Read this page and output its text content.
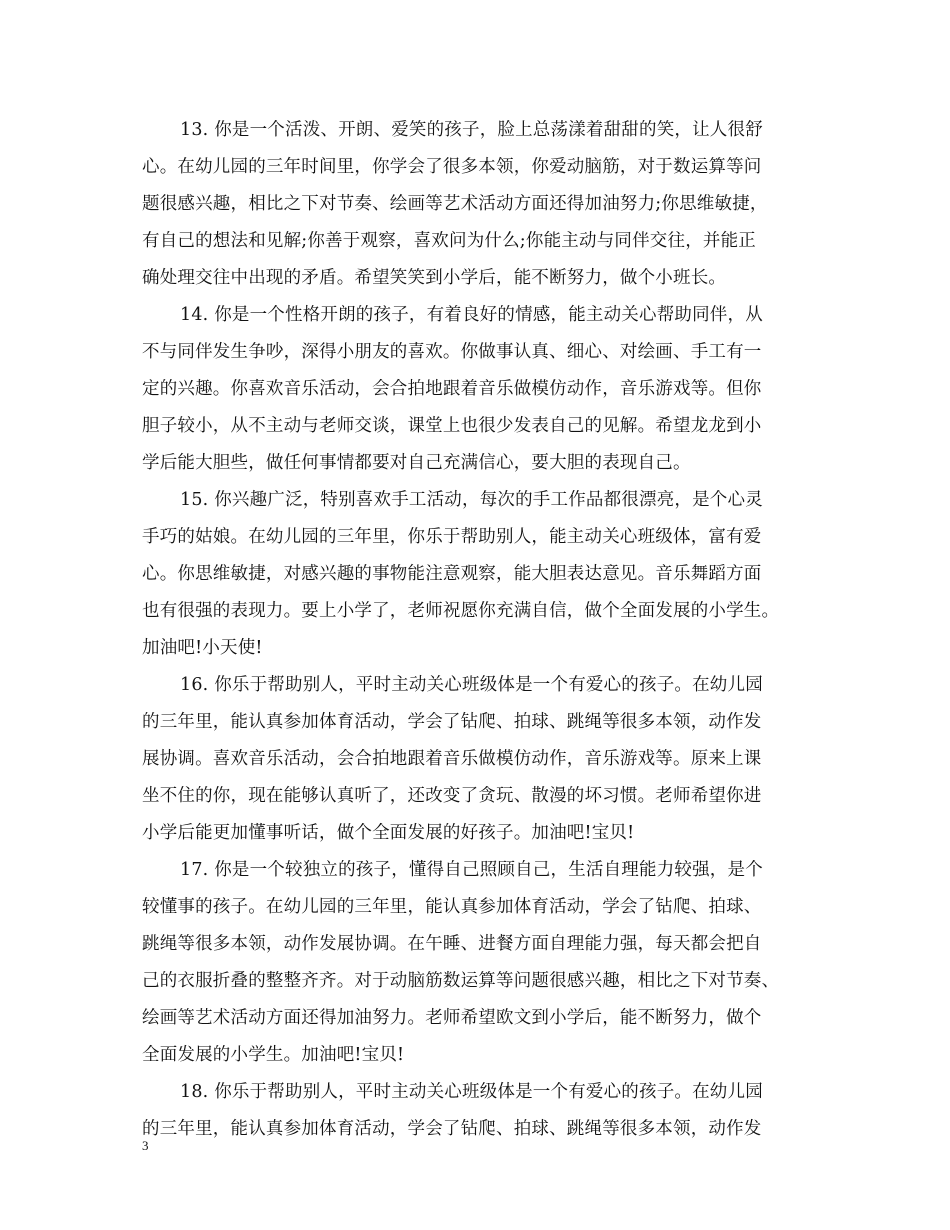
13. 你是一个活泼、开朗、爱笑的孩子，脸上总荡漾着甜甜的笑，让人很舒
心。在幼儿园的三年时间里，你学会了很多本领，你爱动脑筋，对于数运算等问
题很感兴趣，相比之下对节奏、绘画等艺术活动方面还得加油努力;你思维敏捷，
有自己的想法和见解;你善于观察，喜欢问为什么;你能主动与同伴交往，并能正
确处理交往中出现的矛盾。希望笑笑到小学后，能不断努力，做个小班长。
14. 你是一个性格开朗的孩子，有着良好的情感，能主动关心帮助同伴，从
不与同伴发生争吵，深得小朋友的喜欢。你做事认真、细心、对绘画、手工有一
定的兴趣。你喜欢音乐活动，会合拍地跟着音乐做模仿动作，音乐游戏等。但你
胆子较小，从不主动与老师交谈，课堂上也很少发表自己的见解。希望龙龙到小
学后能大胆些，做任何事情都要对自己充满信心，要大胆的表现自己。
15. 你兴趣广泛，特别喜欢手工活动，每次的手工作品都很漂亮，是个心灵
手巧的姑娘。在幼儿园的三年里，你乐于帮助别人，能主动关心班级体，富有爱
心。你思维敏捷，对感兴趣的事物能注意观察，能大胆表达意见。音乐舞蹈方面
也有很强的表现力。要上小学了，老师祝愿你充满自信，做个全面发展的小学生。
加油吧!小天使!
16. 你乐于帮助别人，平时主动关心班级体是一个有爱心的孩子。在幼儿园
的三年里，能认真参加体育活动，学会了钻爬、拍球、跳绳等很多本领，动作发
展协调。喜欢音乐活动，会合拍地跟着音乐做模仿动作，音乐游戏等。原来上课
坐不住的你，现在能够认真听了，还改变了贪玩、散漫的坏习惯。老师希望你进
小学后能更加懂事听话，做个全面发展的好孩子。加油吧!宝贝!
17. 你是一个较独立的孩子，懂得自己照顾自己，生活自理能力较强，是个
较懂事的孩子。在幼儿园的三年里，能认真参加体育活动，学会了钻爬、拍球、
跳绳等很多本领，动作发展协调。在午睡、进餐方面自理能力强，每天都会把自
己的衣服折叠的整整齐齐。对于动脑筋数运算等问题很感兴趣，相比之下对节奏、
绘画等艺术活动方面还得加油努力。老师希望欧文到小学后，能不断努力，做个
全面发展的小学生。加油吧!宝贝!
18. 你乐于帮助别人，平时主动关心班级体是一个有爱心的孩子。在幼儿园
的三年里，能认真参加体育活动，学会了钻爬、拍球、跳绳等很多本领，动作发
3
